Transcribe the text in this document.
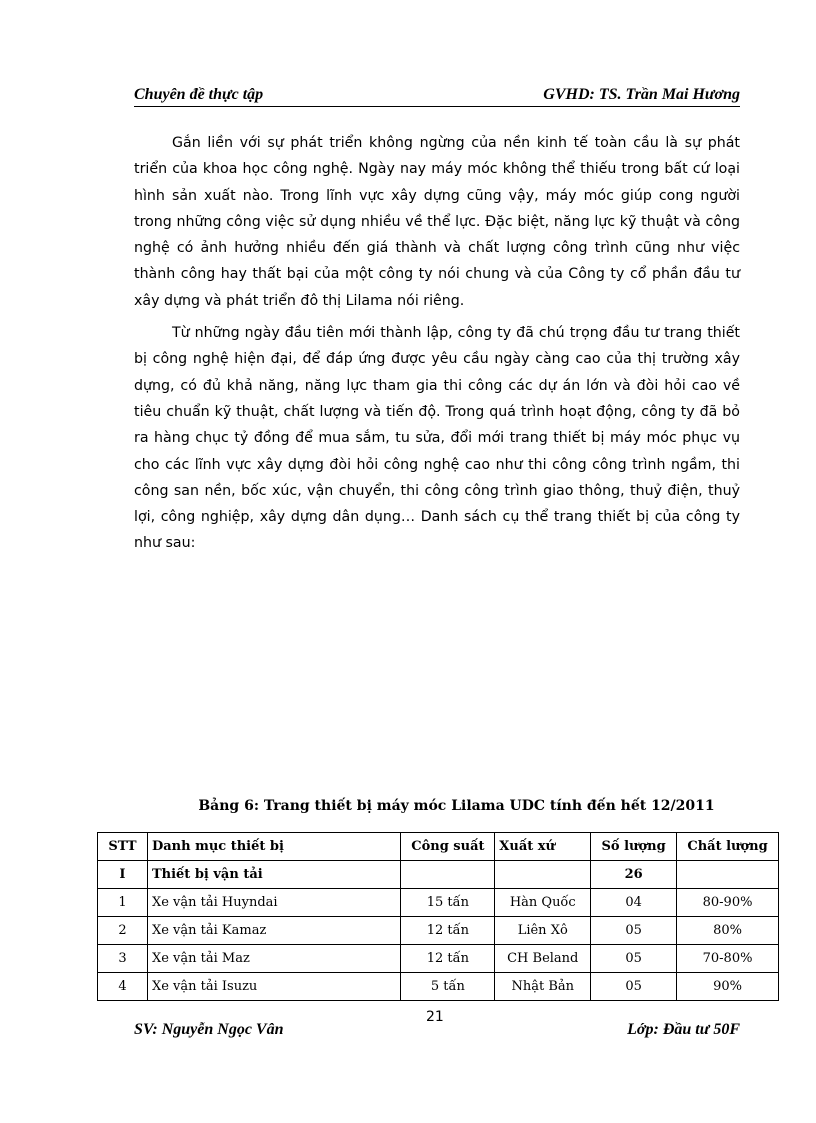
Chuyên đề thực tập	GVHD: TS. Trần Mai Hương

Gắn liền với sự phát triển không ngừng của nền kinh tế toàn cầu là sự phát triển của khoa học công nghệ. Ngày nay máy móc không thể thiếu trong bất cứ loại hình sản xuất nào. Trong lĩnh vực xây dựng cũng vậy, máy móc giúp cong người trong những công việc sử dụng nhiều về thể lực. Đặc biệt, năng lực kỹ thuật và công nghệ có ảnh hưởng nhiều đến giá thành và chất lượng công trình cũng như việc thành công hay thất bại của một công ty nói chung và của Công ty cổ phần đầu tư xây dựng và phát triển đô thị Lilama nói riêng.

Từ những ngày đầu tiên mới thành lập, công ty đã chú trọng đầu tư trang thiết bị công nghệ hiện đại, để đáp ứng được yêu cầu ngày càng cao của thị trường xây dựng, có đủ khả năng, năng lực tham gia thi công các dự án lớn và đòi hỏi cao về tiêu chuẩn kỹ thuật, chất lượng và tiến độ. Trong quá trình hoạt động, công ty đã bỏ ra hàng chục tỷ đồng để mua sắm, tu sửa, đổi mới trang thiết bị máy móc phục vụ cho các lĩnh vực xây dựng đòi hỏi công nghệ cao như thi công công trình ngầm, thi công san nền, bốc xúc, vận chuyển, thi công công trình giao thông, thuỷ điện, thuỷ lợi, công nghiệp, xây dựng dân dụng… Danh sách cụ thể trang thiết bị của công ty như sau:

Bảng 6: Trang thiết bị máy móc Lilama UDC tính đến hết 12/2011
STT	Danh mục thiết bị	Công suất	Xuất xứ	Số lượng	Chất lượng
I	Thiết bị vận tải			26	
1	Xe vận tải Huyndai	15 tấn	Hàn Quốc	04	80-90%
2	Xe vận tải Kamaz	12 tấn	Liên Xô	05	80%
3	Xe vận tải Maz	12 tấn	CH Beland	05	70-80%
4	Xe vận tải Isuzu	5 tấn	Nhật Bản	05	90%
SV: Nguyễn Ngọc Vân
21
Lớp: Đầu tư 50F
